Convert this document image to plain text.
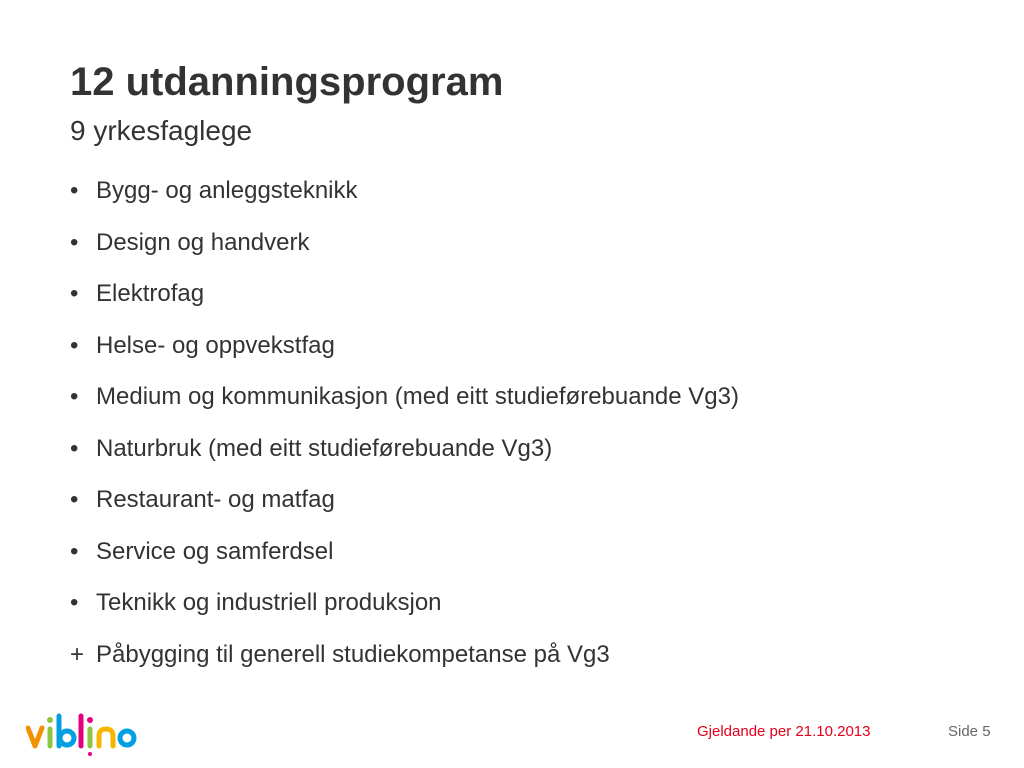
12 utdanningsprogram
9 yrkesfaglege
• Bygg- og anleggsteknikk
• Design og handverk
• Elektrofag
• Helse- og oppvekstfag
• Medium og kommunikasjon (med eitt studieførebuande Vg3)
• Naturbruk (med eitt studieførebuande Vg3)
• Restaurant- og matfag
• Service og samferdsel
• Teknikk og industriell produksjon
+ Påbygging til generell studiekompetanse på Vg3
Gjeldande per 21.10.2013	Side 5
